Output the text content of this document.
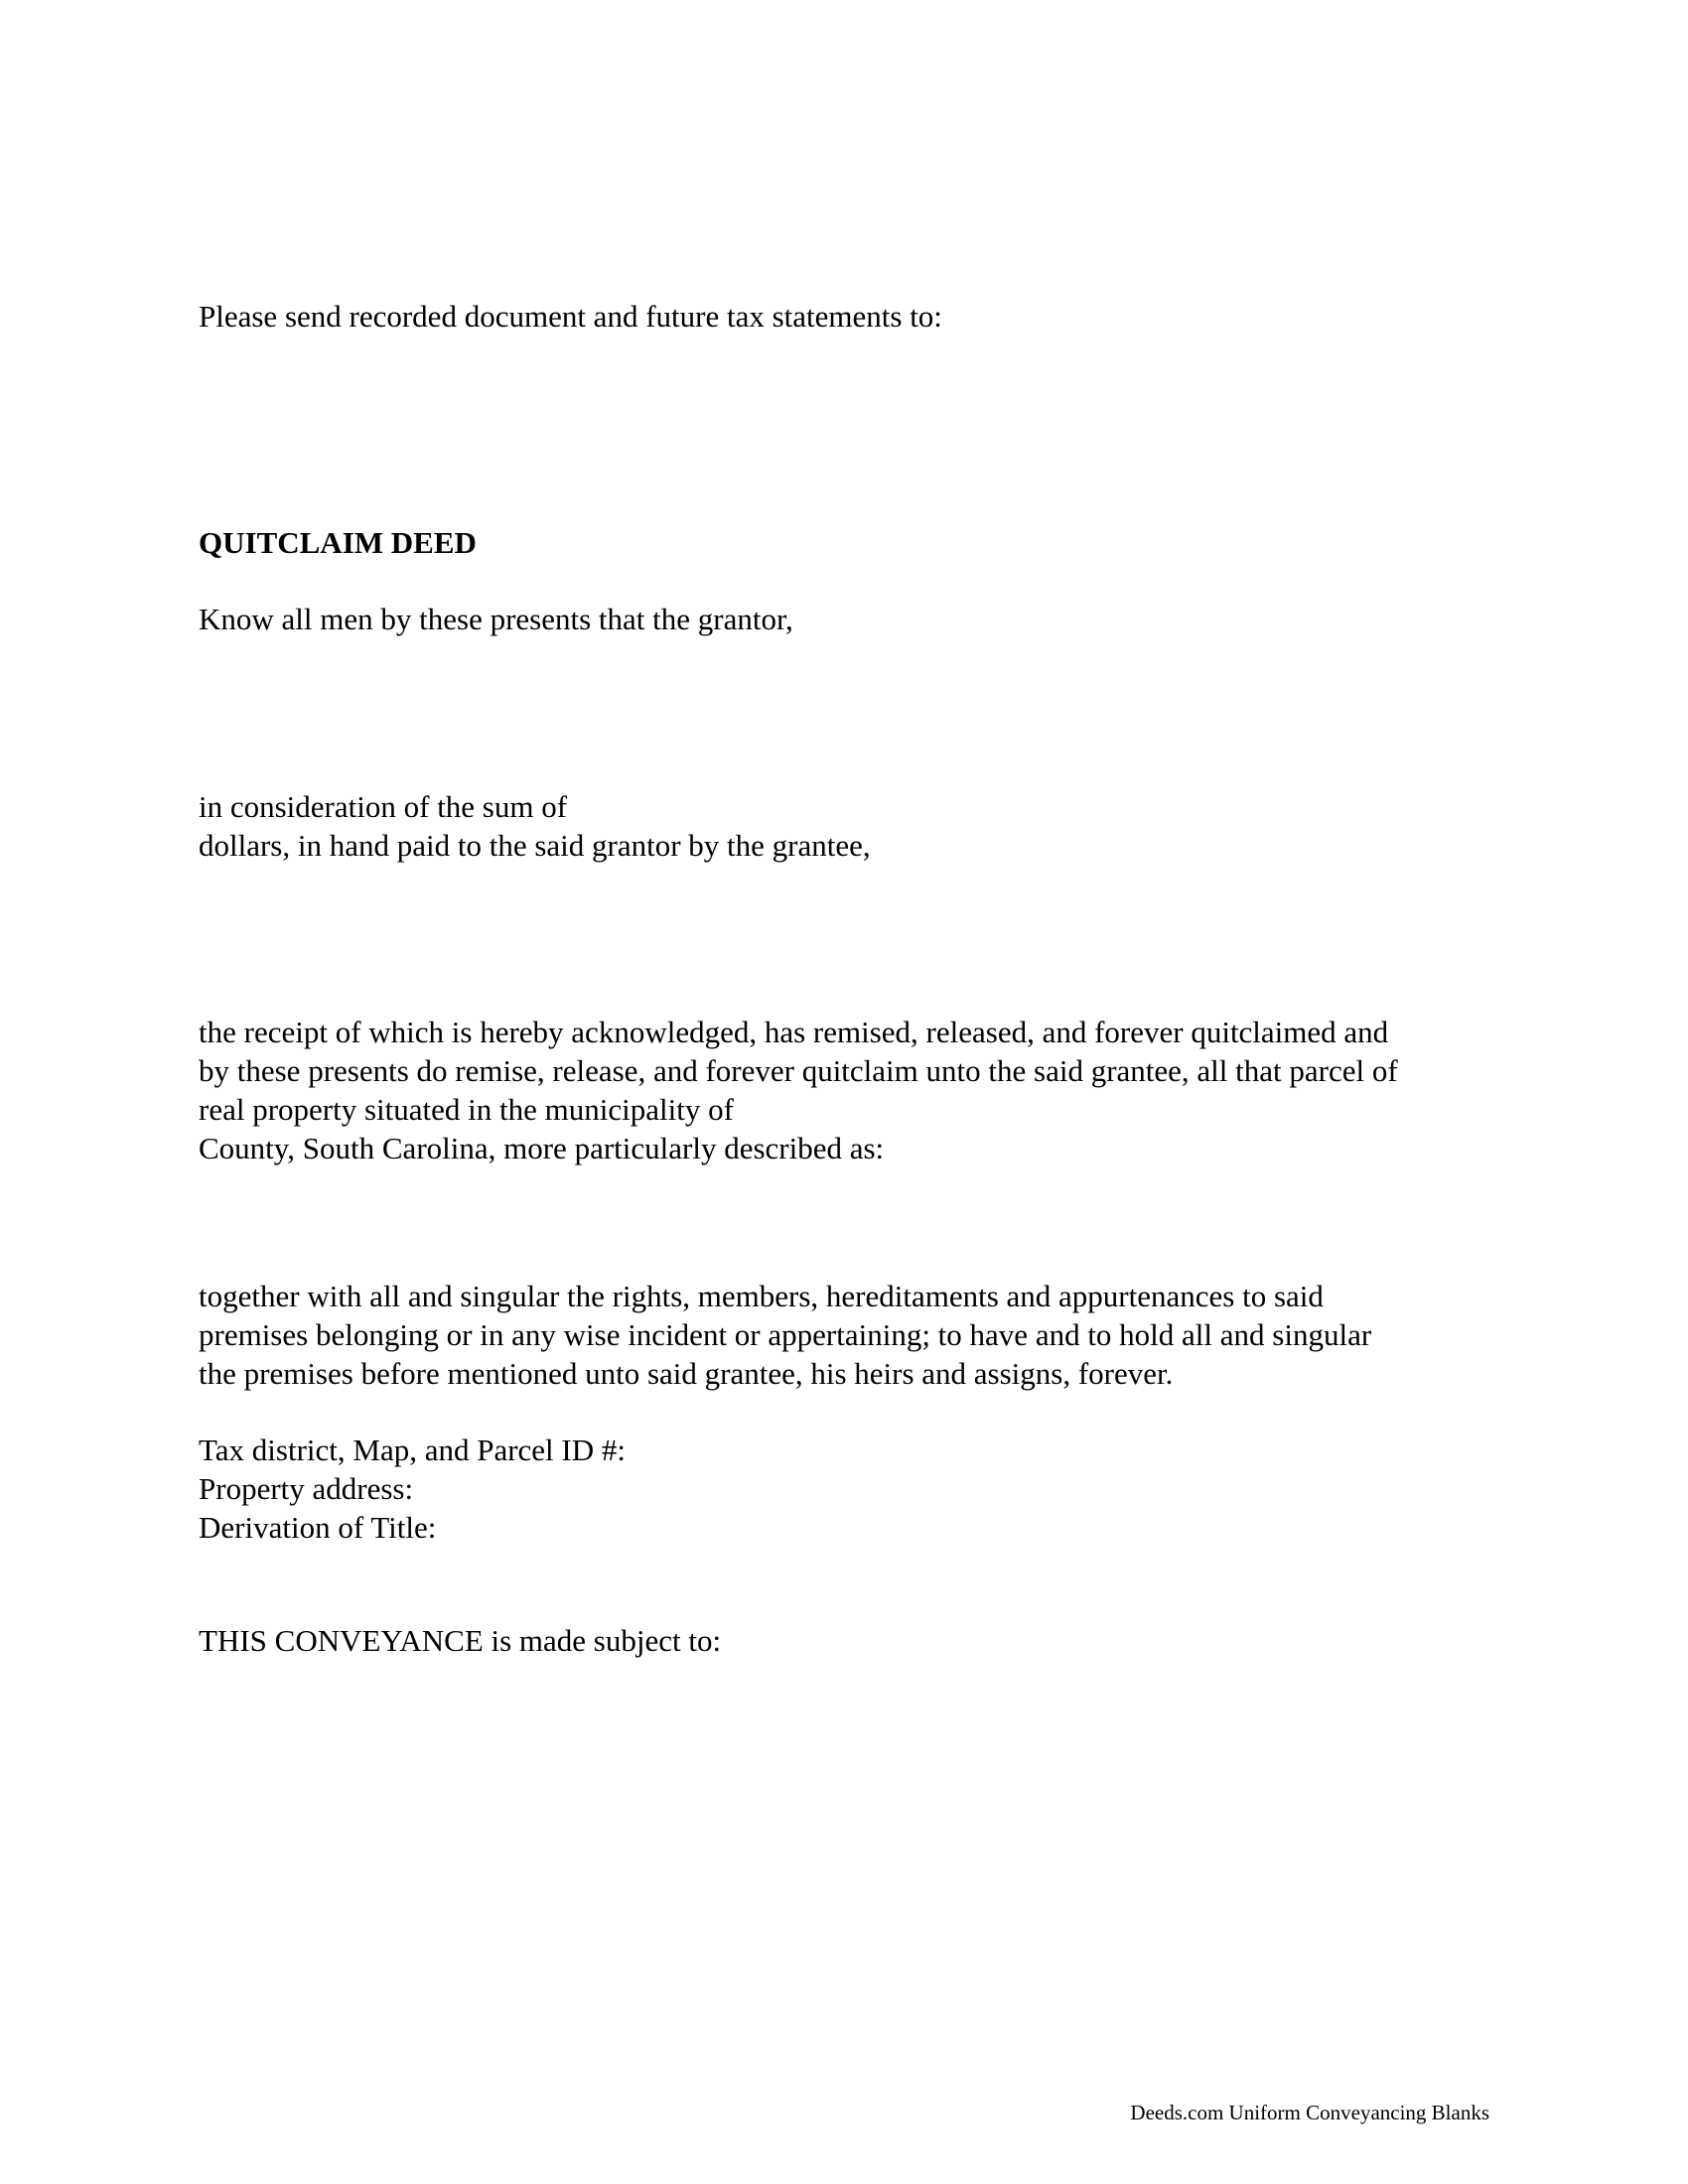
Please send recorded document and future tax statements to:
QUITCLAIM DEED
Know all men by these presents that the grantor,
in consideration of the sum of
dollars, in hand paid to the said grantor by the grantee,
the receipt of which is hereby acknowledged, has remised, released, and forever quitclaimed and
by these presents do remise, release, and forever quitclaim unto the said grantee, all that parcel of
real property situated in the municipality of
County, South Carolina, more particularly described as:
together with all and singular the rights, members, hereditaments and appurtenances to said
premises belonging or in any wise incident or appertaining; to have and to hold all and singular
the premises before mentioned unto said grantee, his heirs and assigns, forever.
Tax district, Map, and Parcel ID #:
Property address:
Derivation of Title:
THIS CONVEYANCE is made subject to:
Deeds.com Uniform Conveyancing Blanks
